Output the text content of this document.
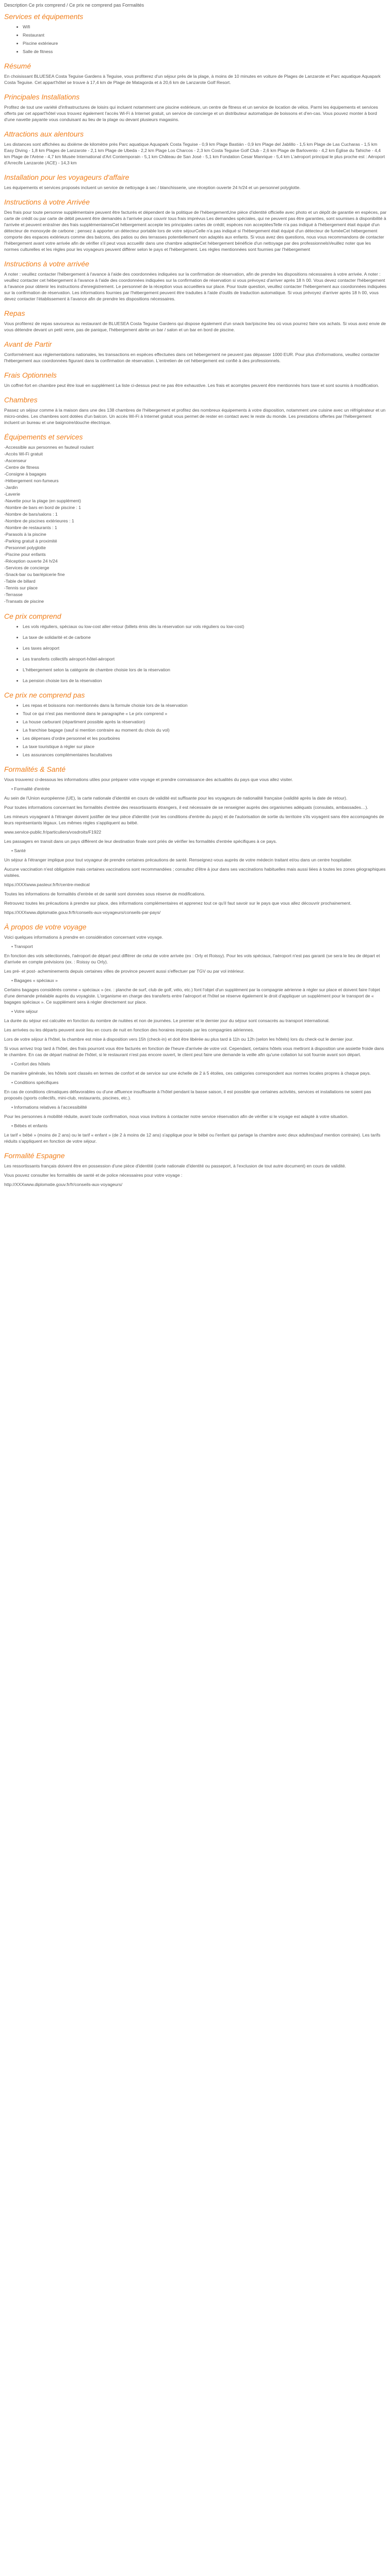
Description Ce prix comprend / Ce prix ne comprend pas Formalités
Services et équipements
• Wifi
• Restaurant
• Piscine extérieure
• Salle de fitness
Résumé

En choisissant BLUESEA Costa Teguise Gardens à Teguise, vous profiterez d'un séjour près de la plage, à moins de 10 minutes en voiture de Plages de Lanzarote et Parc aquatique Aquapark Costa Teguise. Cet appart'hôtel se trouve à 17,4 km de Plage de Matagorda et à 20,6 km de Lanzarote Golf Resort.

Principales Installations

Profitez de tout une variété d'infrastructures de loisirs qui incluent notamment une piscine extérieure, un centre de fitness et un service de location de vélos. Parmi les équipements et services offerts par cet appart'hôtel vous trouvez également l'accès Wi-Fi à Internet gratuit, un service de concierge et un distributeur automatique de boissons et d'en-cas. Vous pouvez monter à bord d'une navette payante vous conduisant au lieu de la plage ou devant plusieurs magasins.

Attractions aux alentours

Les distances sont affichées au dixième de kilomètre près Parc aquatique Aquapark Costa Teguise - 0,9 km Plage Bastián - 0,9 km Plage del Jablillo - 1,5 km Plage de Las Cucharas - 1,5 km Easy Diving - 1,8 km Plages de Lanzarote - 2,1 km Plage de Ubeda - 2,2 km Plage Los Charcos - 2,3 km Costa Teguise Golf Club - 2,6 km Plage de Barlovento - 4,2 km Église du Tahiche - 4,4 km Plage de l'Arène - 4,7 km Musée International d'Art Contemporain - 5,1 km Château de San José - 5,1 km Fondation Cesar Manrique - 5,4 km L'aéroport principal le plus proche est : Aéroport d'Arrecife Lanzarote (ACE) - 14,3 km

Installation pour les voyageurs d'affaire

Les équipements et services proposés incluent un service de nettoyage à sec / blanchisserie, une réception ouverte 24 h/24 et un personnel polyglotte.

Instructions à votre Arrivée

Des frais pour toute personne supplémentaire peuvent être facturés et dépendent de la politique de l'hébergementUne pièce d'identité officielle avec photo et un dépôt de garantie en espèces, par carte de crédit ou par carte de débit peuvent être demandés à l'arrivée pour couvrir tous frais imprévus Les demandes spéciales, qui ne peuvent pas être garanties, sont soumises à disponibilité à l'arrivée et peuvent entraîner des frais supplémentairesCet hébergement accepte les principales cartes de crédit; espèces non acceptéesTelle n'a pas indiqué à l'hébergement était équipé d'un détecteur de monoxyde de carbone ; pensez à apporter un détecteur portable lors de votre séjourCelle n'a pas indiqué si l'hébergement était équipé d'un détecteur de fuméeCet hébergement comporte des espaces extérieurs comme des balcons, des patios ou des terrasses potentiellement non adaptés aux enfants. Si vous avez des questions, nous vous recommandons de contacter l'hébergement avant votre arrivée afin de vérifier s'il peut vous accueillir dans une chambre adaptéeCet hébergement bénéficie d'un nettoyage par des professionnelsVeuillez noter que les normes culturelles et les règles pour les voyageurs peuvent différer selon le pays et l'hébergement. Les règles mentionnées sont fournies par l'hébergement

Instructions à votre arrivée

A noter : veuillez contacter l'hébergement à l'avance à l'aide des coordonnées indiquées sur la confirmation de réservation, afin de prendre les dispositions nécessaires à votre arrivée. A noter : veuillez contacter cet hébergement à l'avance à l'aide des coordonnées indiquées sur la confirmation de réservation si vous prévoyez d'arriver après 18 h 00. Vous devez contacter l'hébergement à l'avance pour obtenir les instructions d'enregistrement. Le personnel de la réception vous accueillera sur place. Pour toute question, veuillez contacter l'hébergement aux coordonnées indiquées sur la confirmation de réservation. Les informations fournies par l'hébergement peuvent être traduites à l'aide d'outils de traduction automatique. Si vous prévoyez d'arriver après 18 h 00, vous devez contacter l'établissement à l'avance afin de prendre les dispositions nécessaires.

Repas

Vous profiterez de repas savoureux au restaurant de BLUESEA Costa Teguise Gardens qui dispose également d'un snack bar/piscine lieu où vous pourrez faire vos achats. Si vous avez envie de vous détendre devant un petit verre, pas de panique, l'hébergement abrite un bar / salon et un bar en bord de piscine.

Avant de Partir

Conformément aux réglementations nationales, les transactions en espèces effectuées dans cet hébergement ne peuvent pas dépasser 1000 EUR. Pour plus d'informations, veuillez contacter l'hébergement aux coordonnées figurant dans la confirmation de réservation. L'entretien de cet hébergement est confié à des professionnels.

Frais Optionnels

Un coffret-fort en chambre peut être loué en supplément La liste ci-dessus peut ne pas être exhaustive. Les frais et acomptes peuvent être mentionnés hors taxe et sont soumis à modification.

Chambres

Passez un séjour comme à la maison dans une des 138 chambres de l'hébergement et profitez des nombreux équipements à votre disposition, notamment une cuisine avec un réfrigérateur et un micro-ondes. Les chambres sont dotées d'un balcon. Un accès Wi-Fi à Internet gratuit vous permet de rester en contact avec le reste du monde. Les prestations offertes par l'hébergement incluent un bureau et une baignoire/douche électrique.

Équipements et services
-Accessible aux personnes en fauteuil roulant
-Accès Wi-Fi gratuit
-Ascenseur
-Centre de fitness
-Consigne à bagages
-Hébergement non-fumeurs
-Jardin
-Laverie
-Navette pour la plage (en supplément)
-Nombre de bars en bord de piscine : 1
-Nombre de bars/salons : 1
-Nombre de piscines extérieures : 1
-Nombre de restaurants : 1
-Parasols à la piscine
-Parking gratuit à proximité
-Personnel polyglotte
-Piscine pour enfants
-Réception ouverte 24 h/24
-Services de concierge
-Snack-bar ou bar/épicerie fine
-Table de billard
-Tennis sur place
-Terrasse
-Transats de piscine
Ce prix comprend
• Les vols réguliers, spéciaux ou low-cost aller-retour (billets émis dès la réservation sur vols réguliers ou low-cost)
• La taxe de solidarité et de carbone
• Les taxes aéroport
• Les transferts collectifs aéroport-hôtel-aéroport
• L'hébergement selon la catégorie de chambre choisie lors de la réservation
• La pension choisie lors de la réservation
Ce prix ne comprend pas
• Les repas et boissons non mentionnés dans la formule choisie lors de la réservation
• Tout ce qui n'est pas mentionné dans le paragraphe « Le prix comprend »
• La house carburant (répartiment possible après la réservation)
• La franchise bagage (sauf si mention contraire au moment du choix du vol)
• Les dépenses d'ordre personnel et les pourboires
• La taxe touristique à régler sur place
• Les assurances complémentaires facultatives
Formalités & Santé

Vous trouverez ci-dessous les informations utiles pour préparer votre voyage et prendre connaissance des actualités du pays que vous allez visiter.

• Formalité d'entrée

Au sein de l'Union européenne (UE), la carte nationale d'identité en cours de validité est suffisante pour les voyageurs de nationalité française (validité après la date de retour).

Pour toutes informations concernant les formalités d'entrée des ressortissants étrangers, il est nécessaire de se renseigner auprès des organismes adéquats (consulats, ambassades…).

Les mineurs voyageant à l'étranger doivent justifier de leur pièce d'identité (voir les conditions d'entrée du pays) et de l'autorisation de sortie du territoire s'ils voyagent sans être accompagnés de leurs représentants légaux. Les mêmes règles s'appliquent au bébé.

www.service-public.fr/particuliers/vosdroits/F1922

Les passagers en transit dans un pays différent de leur destination finale sont priés de vérifier les formalités d'entrée spécifiques à ce pays.

• Santé

Un séjour à l'étranger implique pour tout voyageur de prendre certaines précautions de santé. Renseignez-vous auprès de votre médecin traitant et/ou dans un centre hospitalier.

Aucune vaccination n'est obligatoire mais certaines vaccinations sont recommandées ; consultez d'être à jour dans ses vaccinations habituelles mais aussi liées à toutes les zones géographiques visitées.

https://XXXwww.pasteur.fr/fr/centre-medical

Toutes les informations de formalités d'entrée et de santé sont données sous réserve de modifications.

Retrouvez toutes les précautions à prendre sur place, des informations complémentaires et apprenez tout ce qu'il faut savoir sur le pays que vous allez découvrir prochainement.

https://XXXwww.diplomatie.gouv.fr/fr/conseils-aux-voyageurs/conseils-par-pays/

À propos de votre voyage

Voici quelques informations à prendre en considération concernant votre voyage.

• Transport

En fonction des vols sélectionnés, l'aéroport de départ peut différer de celui de votre arrivée (ex : Orly et Roissy). Pour les vols spéciaux, l'aéroport n'est pas garanti (se sera le lieu de départ et d'arrivée en compte prévisions (ex. : Roissy ou Orly).

Les pré- et post- acheminements depuis certaines villes de province peuvent aussi s'effectuer par TGV ou par vol intérieur.

• Bagages « spéciaux »

Certains bagages considérés comme « spéciaux » (ex. : planche de surf, club de golf, vélo, etc.) font l'objet d'un supplément par la compagnie aérienne à régler sur place et doivent faire l'objet d'une demande préalable auprès du voyagiste. L'organisme en charge des transferts entre l'aéroport et l'hôtel se réserve également le droit d'appliquer un supplément pour le transport de « bagages spéciaux ». Ce supplément sera à régler directement sur place.

• Votre séjour

La durée du séjour est calculée en fonction du nombre de nuitées et non de journées. Le premier et le dernier jour du séjour sont consacrés au transport international.

Les arrivées ou les départs peuvent avoir lieu en cours de nuit en fonction des horaires imposés par les compagnies aériennes.

Lors de votre séjour à l'hôtel, la chambre est mise à disposition vers 15h (check-in) et doit être libérée au plus tard à 11h ou 12h (selon les hôtels) lors du check-out le dernier jour.

Si vous arrivez trop tard à l'hôtel, des frais pourront vous être facturés en fonction de l'heure d'arrivée de votre vol. Cependant, certains hôtels vous mettront à disposition une assiette froide dans le chambre. En cas de départ matinal de l'hôtel, si le restaurant n'est pas encore ouvert, le client peut faire une demande la veille afin qu'une collation lui soit fournie avant son départ.

• Confort des hôtels

De manière générale, les hôtels sont classés en termes de confort et de service sur une échelle de 2 à 5 étoiles, ces catégories correspondent aux normes locales propres à chaque pays.

• Conditions spécifiques

En cas de conditions climatiques défavorables ou d'une affluence insuffisante à l'hôtel pendant la basse saison, il est possible que certaines activités, services et installations ne soient pas proposés (sports collectifs, mini-club, restaurants, piscines, etc.).

• Informations relatives à l'accessibilité

Pour les personnes à mobilité réduite, avant toute confirmation, nous vous invitons à contacter notre service réservation afin de vérifier si le voyage est adapté à votre situation.

• Bébés et enfants

Le tarif « bébé » (moins de 2 ans) ou le tarif « enfant » (de 2 à moins de 12 ans) s'applique pour le bébé ou l'enfant qui partage la chambre avec deux adultes(sauf mention contraire). Les tarifs réduits s'appliquent en fonction de votre séjour.

Formalité Espagne

Les ressortissants français doivent être en possession d'une pièce d'identité (carte nationale d'identité ou passeport, à l'exclusion de tout autre document) en cours de validité.

Vous pouvez consulter les formalités de santé et de police nécessaires pour votre voyage :

http://XXXwww.diplomatie.gouv.fr/fr/conseils-aux-voyageurs/
